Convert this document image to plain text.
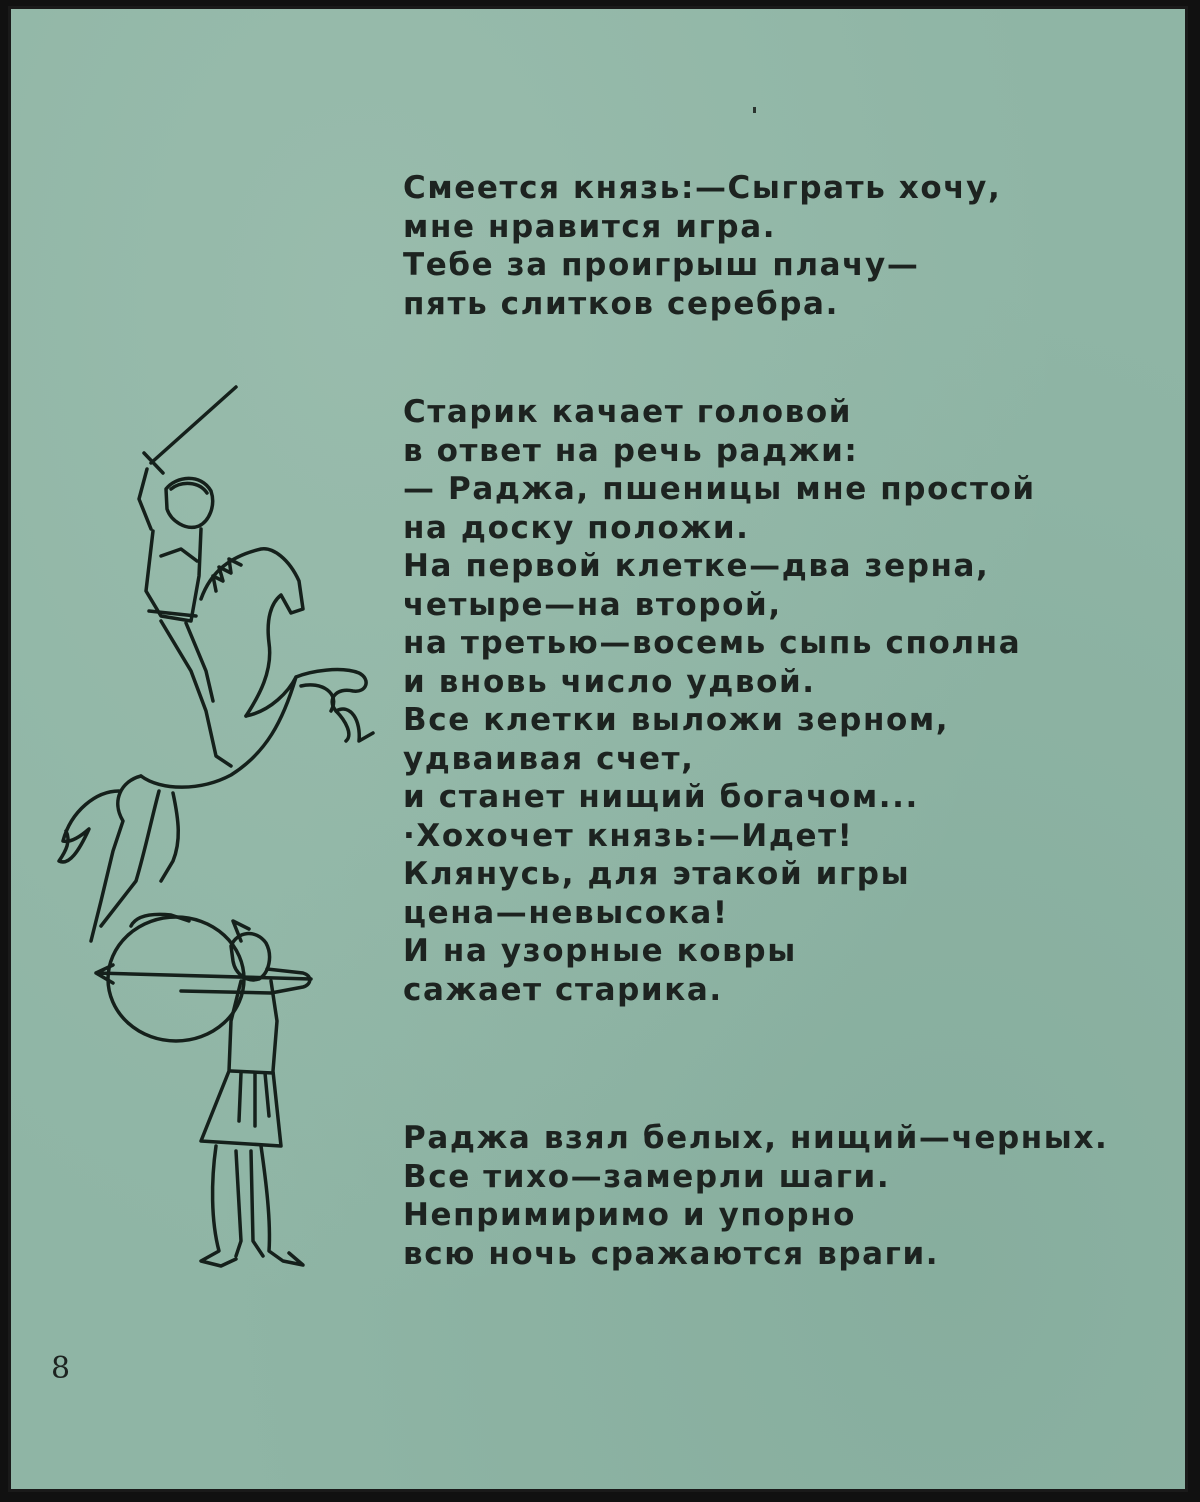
Смеется князь:—Сыграть хочу,
мне нравится игра.
Тебе за проигрыш плачу—
пять слитков серебра.
Старик качает головой
в ответ на речь раджи:
— Раджа, пшеницы мне простой
на доску положи.
На первой клетке—два зерна,
четыре—на второй,
на третью—восемь сыпь сполна
и вновь число удвой.
Все клетки выложи зерном,
удваивая счет,
и станет нищий богачом...
·Хохочет князь:—Идет!
Клянусь, для этакой игры
цена—невысока!
И на узорные ковры
сажает старика.
Раджа взял белых, нищий—черных.
Все тихо—замерли шаги.
Непримиримо и упорно
всю ночь сражаются враги.
8
